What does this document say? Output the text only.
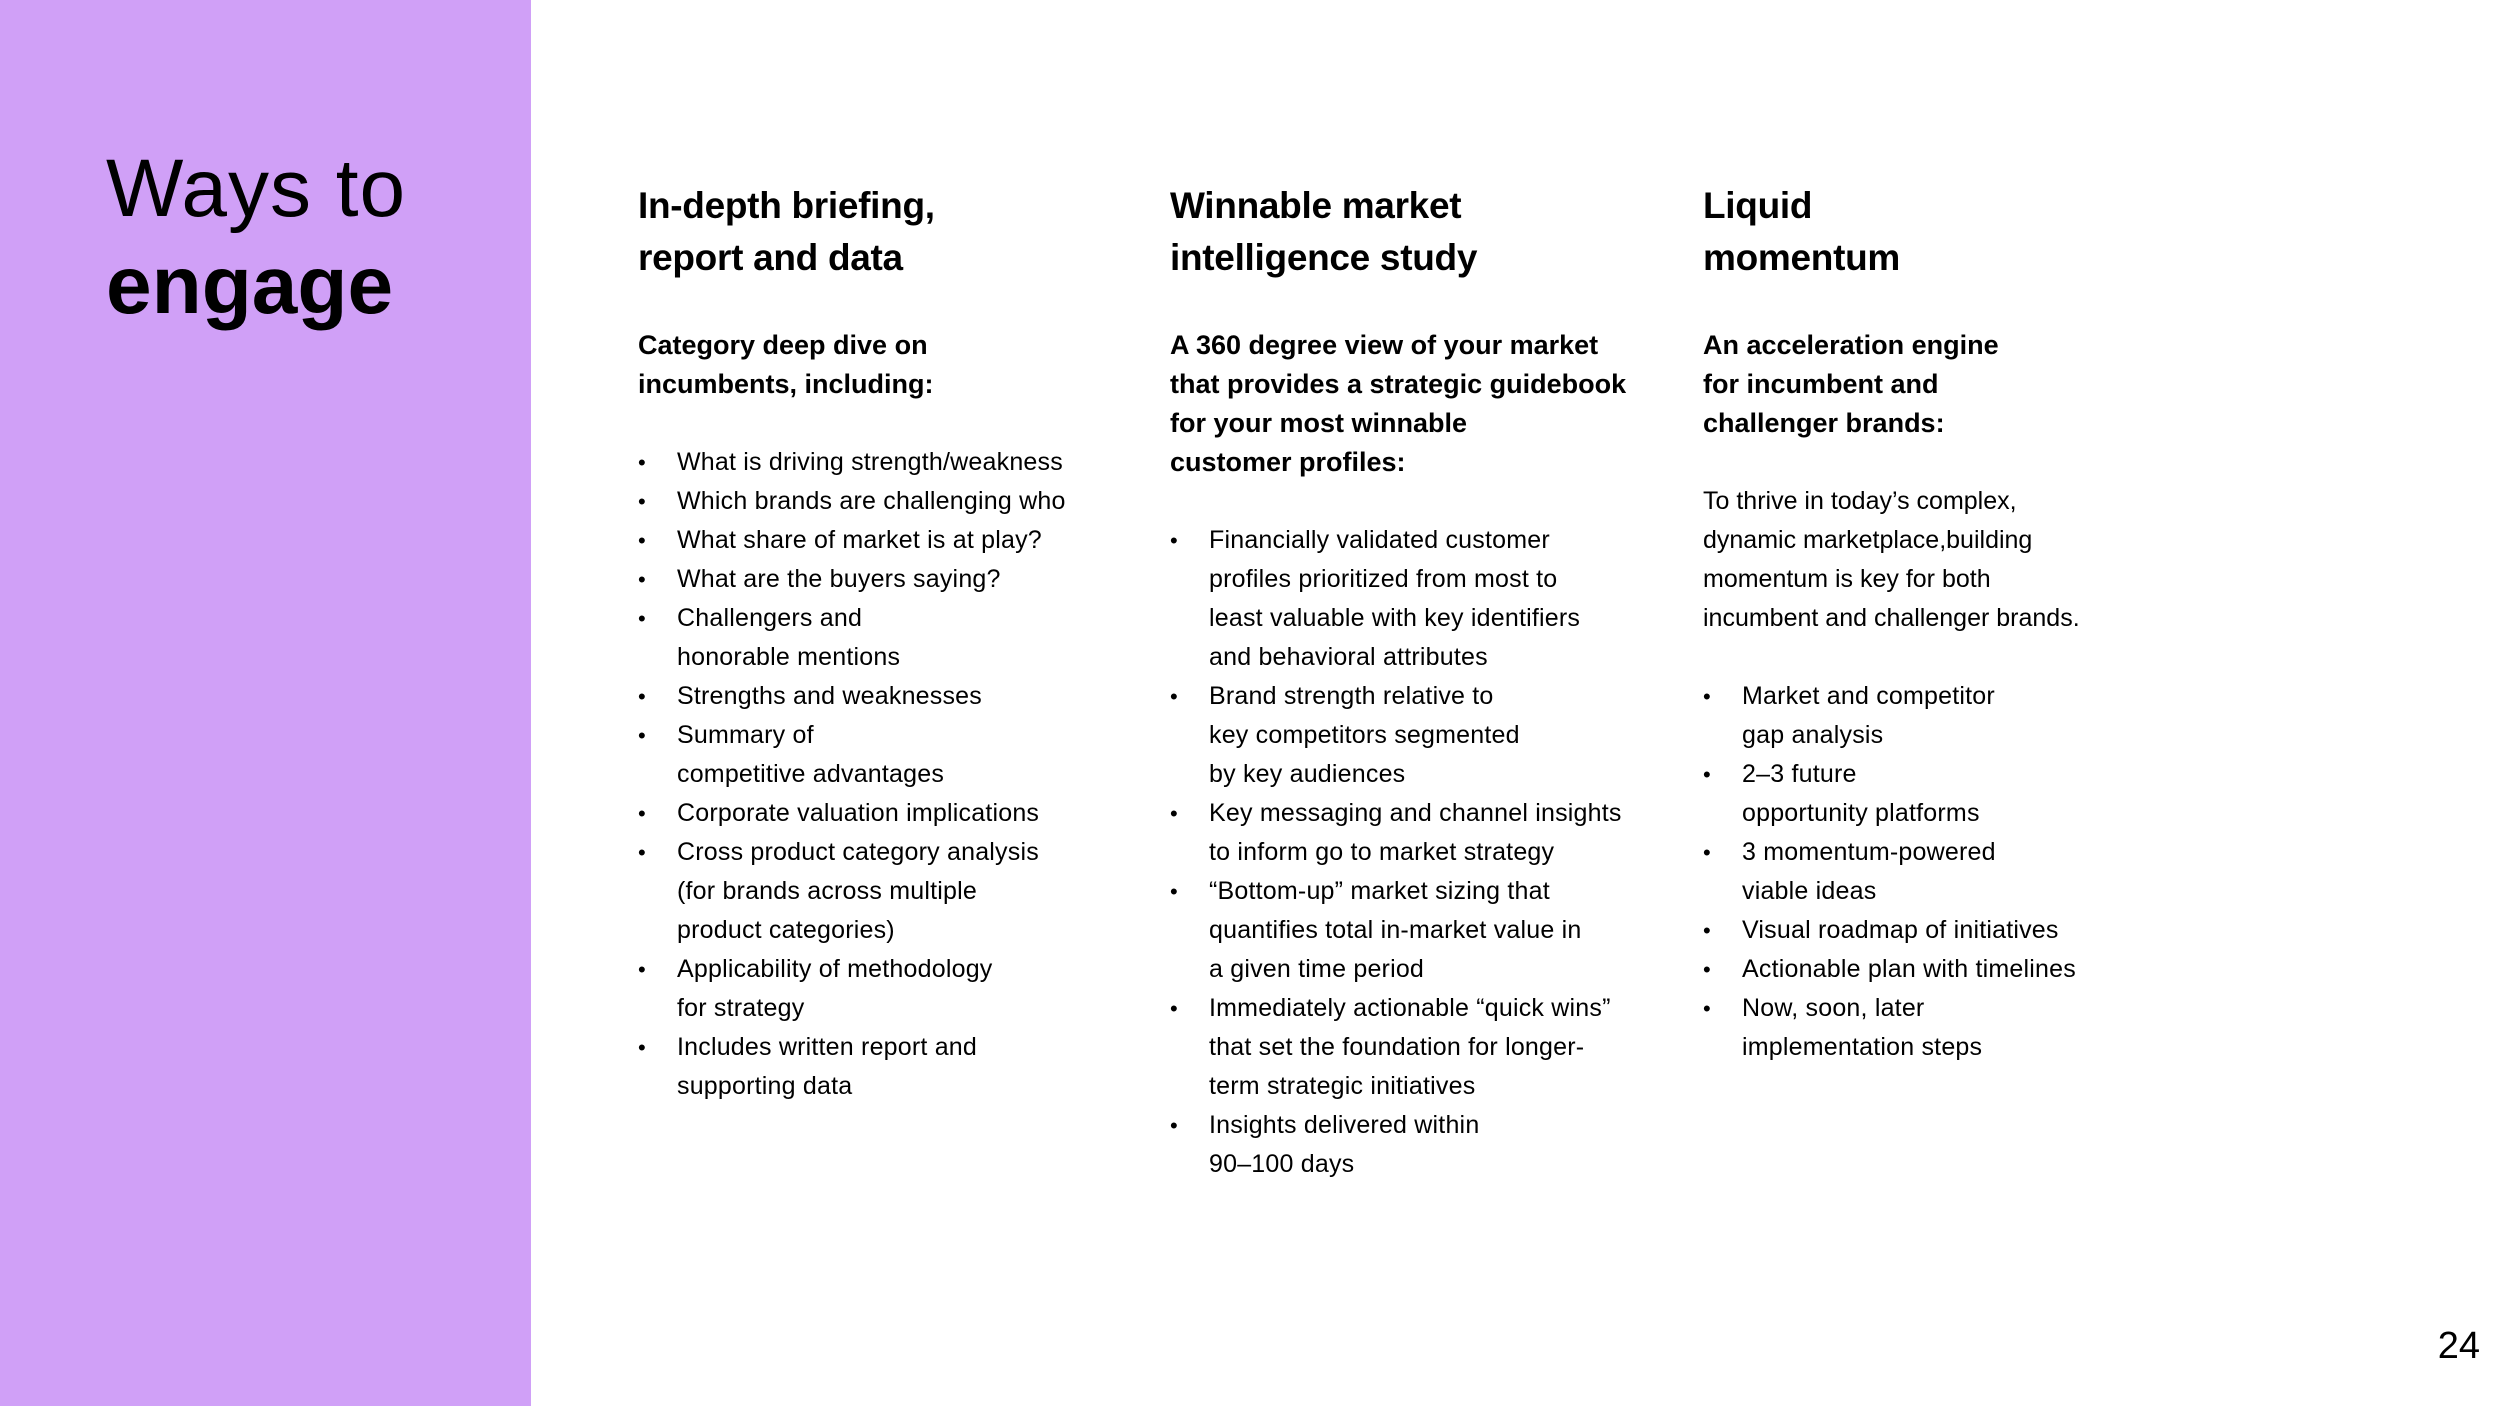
Ways to
engage
In-depth briefing,
report and data

Category deep dive on
incumbents, including:

• What is driving strength/weakness
• Which brands are challenging who
• What share of market is at play?
• What are the buyers saying?
• Challengers and
honorable mentions
• Strengths and weaknesses
• Summary of
competitive advantages
• Corporate valuation implications
• Cross product category analysis
(for brands across multiple
product categories)
• Applicability of methodology
for strategy
• Includes written report and
supporting data
Winnable market
intelligence study

A 360 degree view of your market
that provides a strategic guidebook
for your most winnable
customer profiles:

• Financially validated customer
profiles prioritized from most to
least valuable with key identifiers
and behavioral attributes
• Brand strength relative to
key competitors segmented
by key audiences
• Key messaging and channel insights
to inform go to market strategy
• “Bottom-up” market sizing that
quantifies total in-market value in
a given time period
• Immediately actionable “quick wins”
that set the foundation for longer-
term strategic initiatives
• Insights delivered within
90–100 days
Liquid
momentum

An acceleration engine
for incumbent and
challenger brands:

To thrive in today’s complex,
dynamic marketplace,building
momentum is key for both
incumbent and challenger brands.

• Market and competitor
gap analysis
• 2–3 future
opportunity platforms
• 3 momentum-powered
viable ideas
• Visual roadmap of initiatives
• Actionable plan with timelines
• Now, soon, later
implementation steps
24
